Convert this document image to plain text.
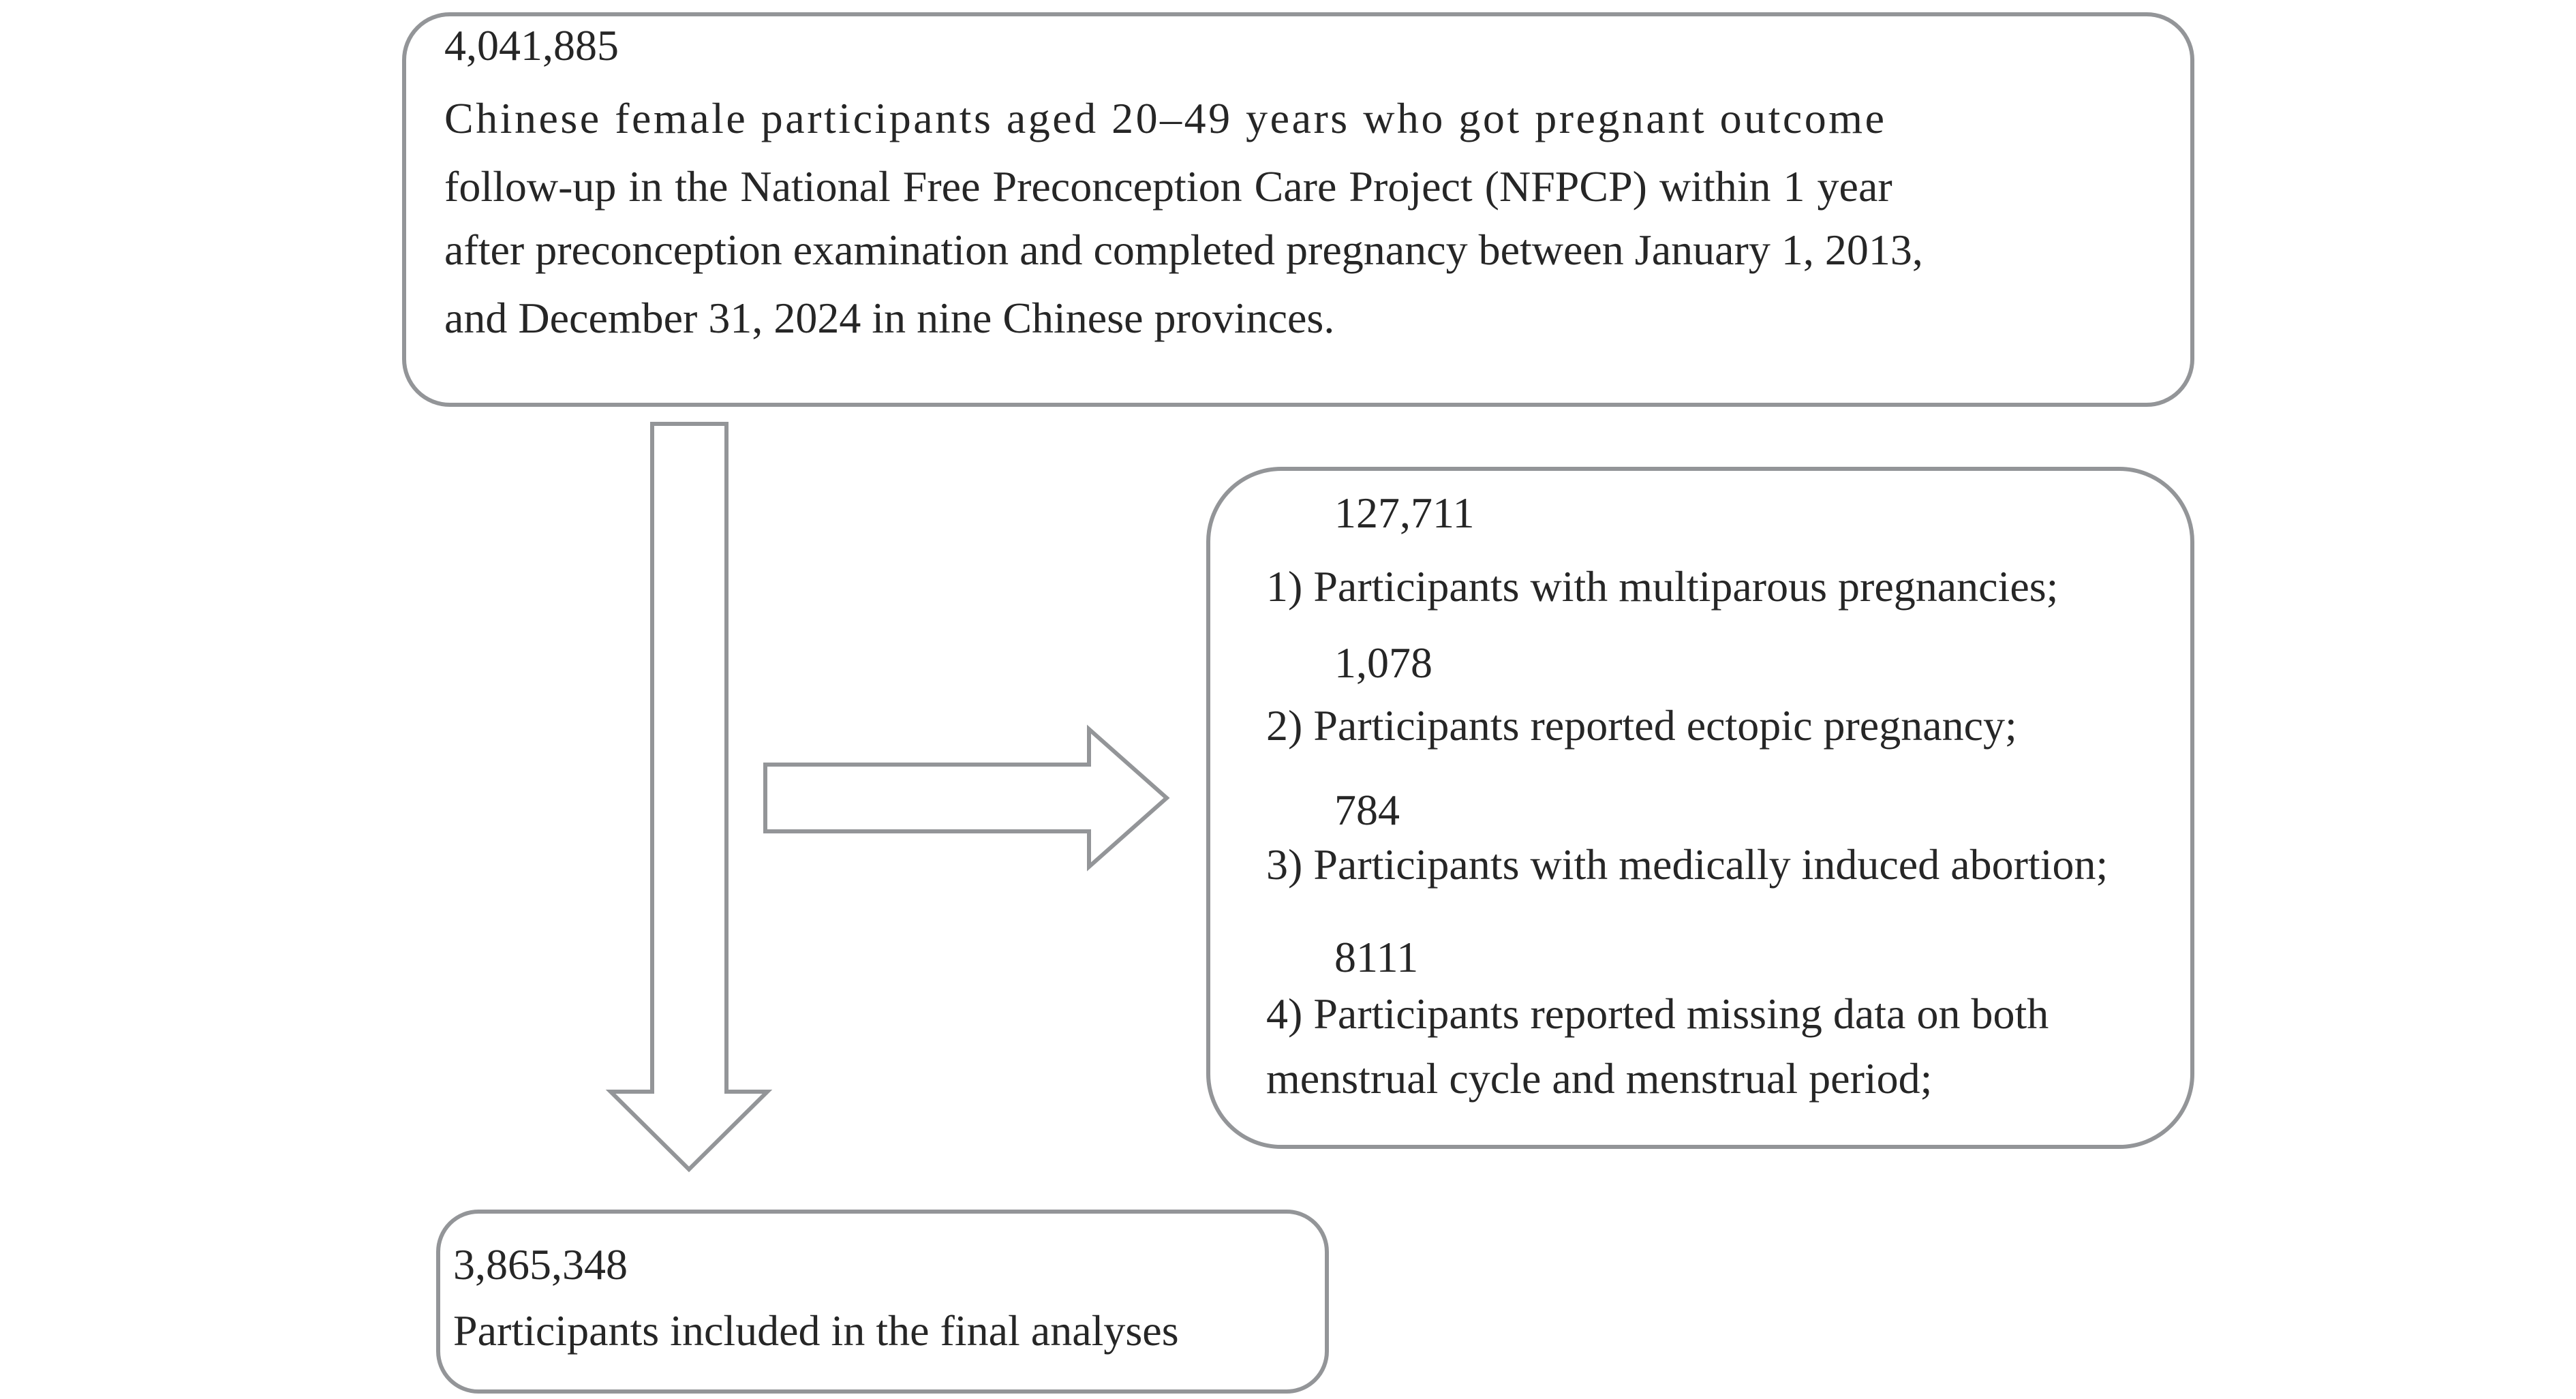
4,041,885
Chinese female participants aged 20–49 years who got pregnant outcome
follow-up in the National Free Preconception Care Project (NFPCP) within 1 year
after preconception examination and completed pregnancy between January 1, 2013,
and December 31, 2024 in nine Chinese provinces.
127,711
1) Participants with multiparous pregnancies;
1,078
2) Participants reported ectopic pregnancy;
784
3) Participants with medically induced abortion;
8111
4) Participants reported missing data on both menstrual cycle and menstrual period;
3,865,348
Participants included in the final analyses
